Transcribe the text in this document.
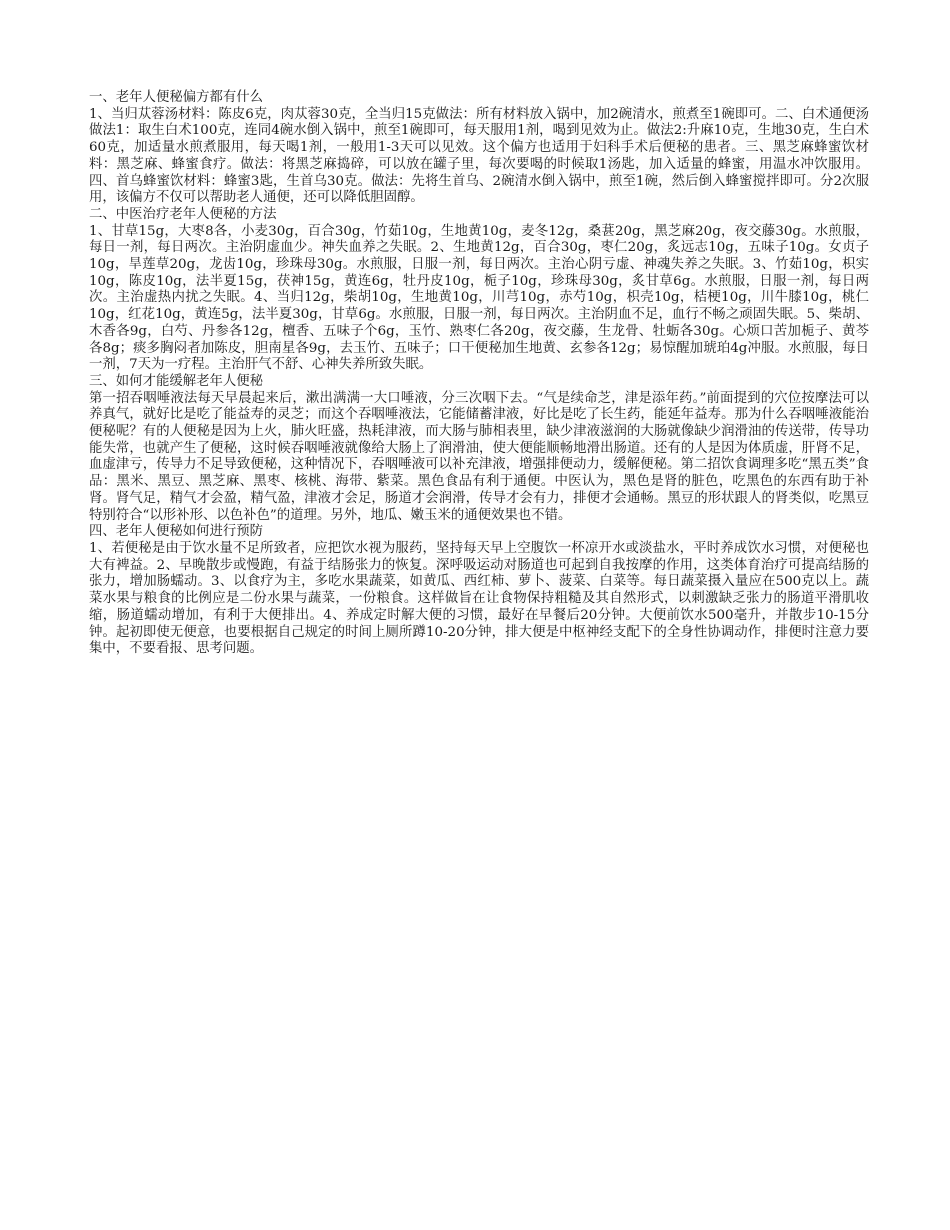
一、老年人便秘偏方都有什么

1、当归苁蓉汤材料：陈皮6克，肉苁蓉30克，全当归15克做法：所有材料放入锅中，加2碗清水，煎煮至1碗即可。二、白术通便汤做法1：取生白术100克，连同4碗水倒入锅中，煎至1碗即可，每天服用1剂，喝到见效为止。做法2:升麻10克，生地30克，生白术60克，加适量水煎煮服用，每天喝1剂，一般用1-3天可以见效。这个偏方也适用于妇科手术后便秘的患者。三、黑芝麻蜂蜜饮材料：黑芝麻、蜂蜜食疗。做法：将黑芝麻捣碎，可以放在罐子里，每次要喝的时候取1汤匙，加入适量的蜂蜜，用温水冲饮服用。四、首乌蜂蜜饮材料：蜂蜜3匙，生首乌30克。做法：先将生首乌、2碗清水倒入锅中，煎至1碗，然后倒入蜂蜜搅拌即可。分2次服用，该偏方不仅可以帮助老人通便，还可以降低胆固醇。

二、中医治疗老年人便秘的方法

1、甘草15g，大枣8各，小麦30g，百合30g，竹茹10g，生地黄10g，麦冬12g，桑葚20g，黑芝麻20g，夜交藤30g。水煎服，每日一剂，每日两次。主治阴虚血少。神失血养之失眠。2、生地黄12g，百合30g，枣仁20g，炙远志10g，五味子10g。女贞子10g，旱莲草20g，龙齿10g，珍珠母30g。水煎服，日服一剂，每日两次。主治心阴亏虚、神魂失养之失眠。3、竹茹10g，枳实10g，陈皮10g，法半夏15g，茯神15g，黄连6g，牡丹皮10g，栀子10g，珍珠母30g，炙甘草6g。水煎服，日服一剂，每日两次。主治虚热内扰之失眠。4、当归12g，柴胡10g，生地黄10g，川芎10g，赤芍10g，枳壳10g，桔梗10g，川牛膝10g，桃仁10g，红花10g，黄连5g，法半夏30g，甘草6g。水煎服，日服一剂，每日两次。主治阴血不足，血行不畅之顽固失眠。5、柴胡、木香各9g，白芍、丹参各12g，檀香、五味子个6g，玉竹、熟枣仁各20g，夜交藤，生龙骨、牡蛎各30g。心烦口苦加栀子、黄芩各8g；痰多胸闷者加陈皮，胆南星各9g，去玉竹、五味子；口干便秘加生地黄、玄参各12g；易惊醒加琥珀4g冲服。水煎服，每日一剂，7天为一疗程。主治肝气不舒、心神失养所致失眠。

三、如何才能缓解老年人便秘

第一招吞咽唾液法每天早晨起来后，漱出满满一大口唾液，分三次咽下去。“气是续命芝，津是添年药。”前面提到的穴位按摩法可以养真气，就好比是吃了能益寿的灵芝；而这个吞咽唾液法，它能储蓄津液，好比是吃了长生药，能延年益寿。那为什么吞咽唾液能治便秘呢？有的人便秘是因为上火，肺火旺盛，热耗津液，而大肠与肺相表里，缺少津液滋润的大肠就像缺少润滑油的传送带，传导功能失常，也就产生了便秘，这时候吞咽唾液就像给大肠上了润滑油，使大便能顺畅地滑出肠道。还有的人是因为体质虚，肝肾不足，血虚津亏，传导力不足导致便秘，这种情况下，吞咽唾液可以补充津液，增强排便动力，缓解便秘。第二招饮食调理多吃“黑五类”食品：黑米、黑豆、黑芝麻、黑枣、核桃、海带、紫菜。黑色食品有利于通便。中医认为，黑色是肾的脏色，吃黑色的东西有助于补肾。肾气足，精气才会盈，精气盈，津液才会足，肠道才会润滑，传导才会有力，排便才会通畅。黑豆的形状跟人的肾类似，吃黑豆特别符合“以形补形、以色补色”的道理。另外，地瓜、嫩玉米的通便效果也不错。

四、老年人便秘如何进行预防

1、若便秘是由于饮水量不足所致者，应把饮水视为服药，坚持每天早上空腹饮一杯凉开水或淡盐水，平时养成饮水习惯，对便秘也大有裨益。2、早晚散步或慢跑，有益于结肠张力的恢复。深呼吸运动对肠道也可起到自我按摩的作用，这类体育治疗可提高结肠的张力，增加肠蠕动。3、以食疗为主，多吃水果蔬菜，如黄瓜、西红柿、萝卜、菠菜、白菜等。每日蔬菜摄入量应在500克以上。蔬菜水果与粮食的比例应是二份水果与蔬菜，一份粮食。这样做旨在让食物保持粗糙及其自然形式，以刺激缺乏张力的肠道平滑肌收缩，肠道蠕动增加，有利于大便排出。4、养成定时解大便的习惯，最好在早餐后20分钟。大便前饮水500毫升，并散步10-15分钟。起初即使无便意，也要根据自己规定的时间上厕所蹲10-20分钟，排大便是中枢神经支配下的全身性协调动作，排便时注意力要集中，不要看报、思考问题。
